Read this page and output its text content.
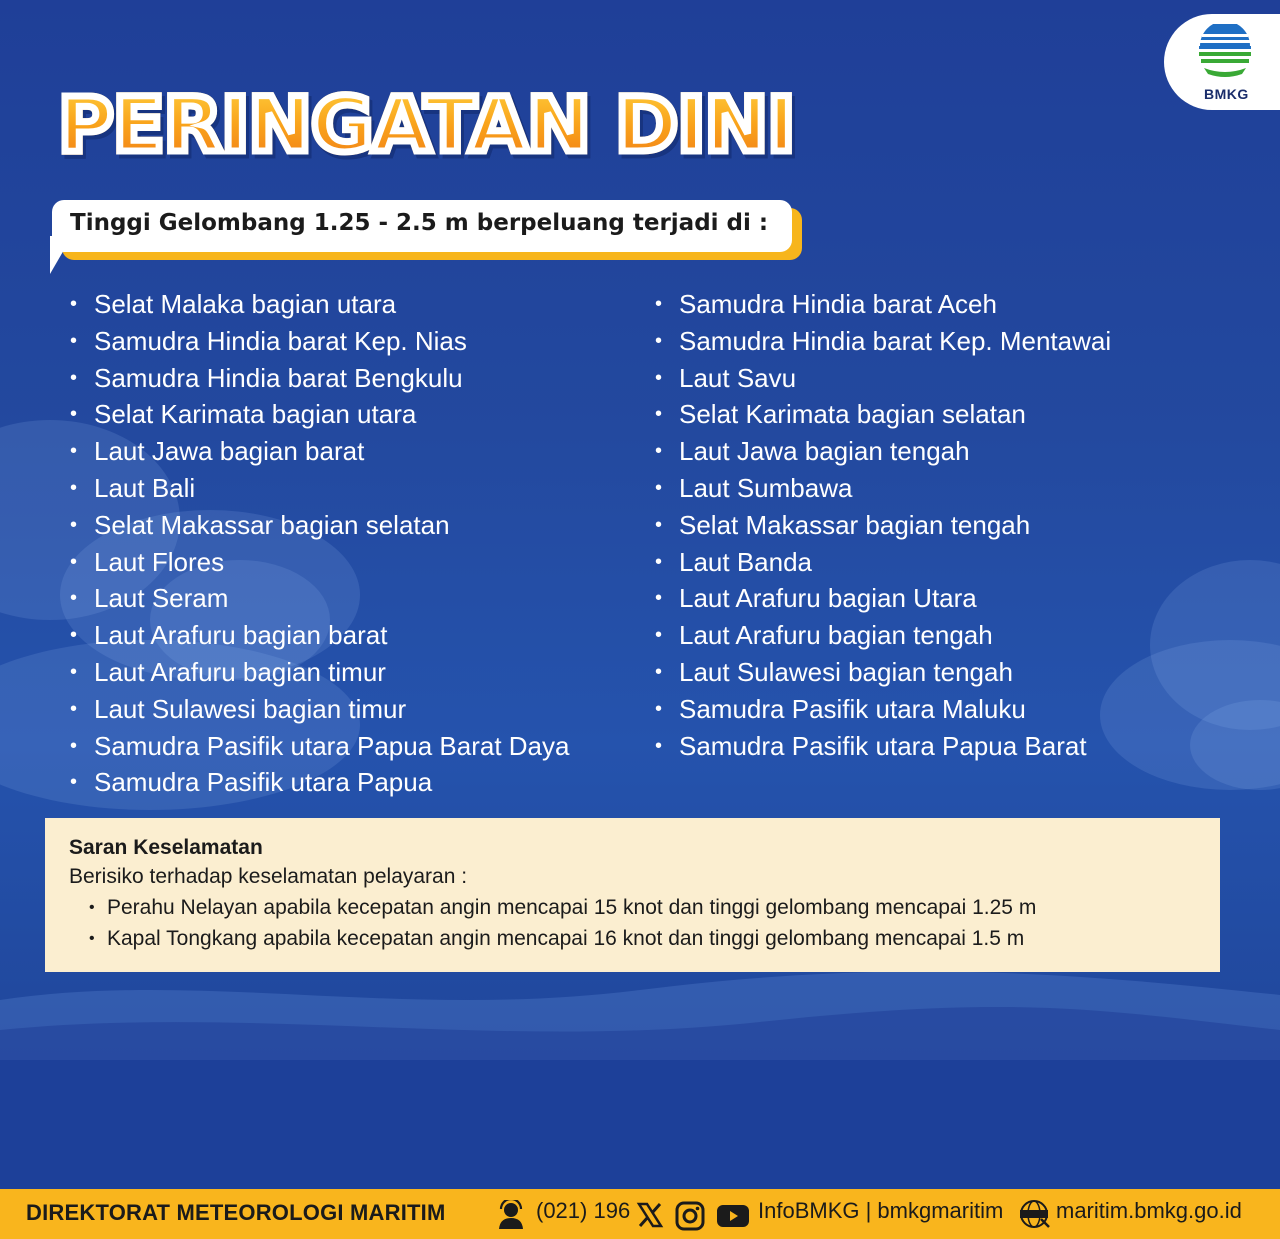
BMKG
PERINGATAN DINI
Tinggi Gelombang 1.25 - 2.5 m berpeluang terjadi di :
• Selat Malaka bagian utara
• Samudra Hindia barat Kep. Nias
• Samudra Hindia barat Bengkulu
• Selat Karimata bagian utara
• Laut Jawa bagian barat
• Laut Bali
• Selat Makassar bagian selatan
• Laut Flores
• Laut Seram
• Laut Arafuru bagian barat
• Laut Arafuru bagian timur
• Laut Sulawesi bagian timur
• Samudra Pasifik utara Papua Barat Daya
• Samudra Pasifik utara Papua
• Samudra Hindia barat Aceh
• Samudra Hindia barat Kep. Mentawai
• Laut Savu
• Selat Karimata bagian selatan
• Laut Jawa bagian tengah
• Laut Sumbawa
• Selat Makassar bagian tengah
• Laut Banda
• Laut Arafuru bagian Utara
• Laut Arafuru bagian tengah
• Laut Sulawesi bagian tengah
• Samudra Pasifik utara Maluku
• Samudra Pasifik utara Papua Barat
Saran Keselamatan
Berisiko terhadap keselamatan pelayaran :
• Perahu Nelayan apabila kecepatan angin mencapai 15 knot dan tinggi gelombang mencapai 1.25 m
• Kapal Tongkang apabila kecepatan angin mencapai 16 knot dan tinggi gelombang mencapai 1.5 m
DIREKTORAT METEOROLOGI MARITIM	(021) 196	InfoBMKG | bmkgmaritim maritim.bmkg.go.id
